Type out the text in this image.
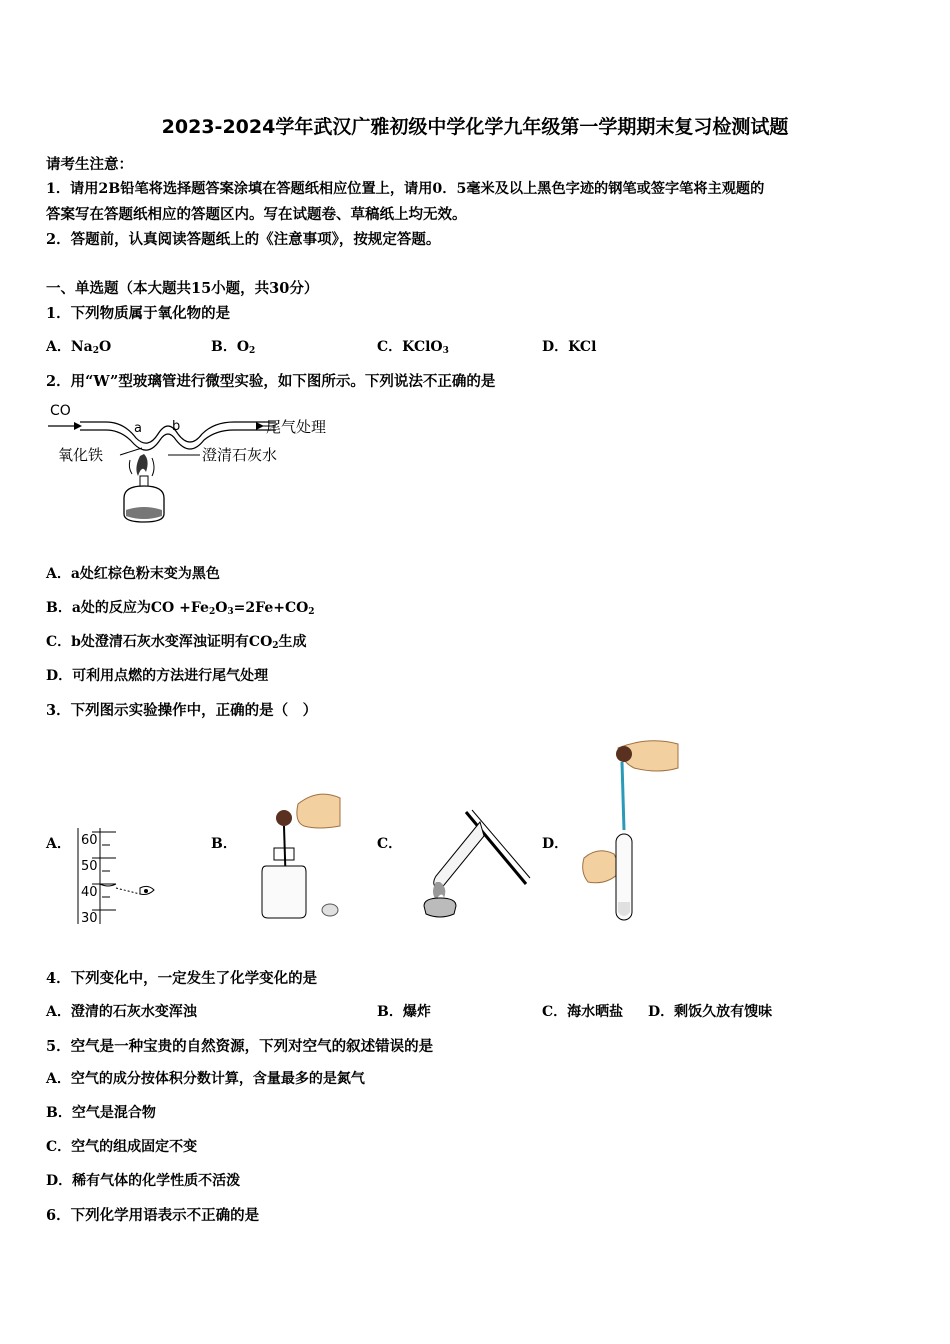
2023-2024学年武汉广雅初级中学化学九年级第一学期期末复习检测试题
请考生注意：
1．请用2B铅笔将选择题答案涂填在答题纸相应位置上，请用0．5毫米及以上黑色字迹的钢笔或签字笔将主观题的
答案写在答题纸相应的答题区内。写在试题卷、草稿纸上均无效。
2．答题前，认真阅读答题纸上的《注意事项》，按规定答题。
一、单选题（本大题共15小题，共30分）
1．下列物质属于氧化物的是
A．$Na_2O$	B．$O_2$	C．KClO$_3$	D．KCl
2．用“W”型玻璃管进行微型实验，如下图所示。下列说法不正确的是
CO
a b	尾气处理
氧化铁	澄清石灰水
A．a处红棕色粉末变为黑色
B．a处的反应为CO $+Fe_2O_3=2Fe+CO_2$
C．b处澄清石灰水变浑浊证明有$CO_2$生成
D．可利用点燃的方法进行尾气处理
3．下列图示实验操作中，正确的是（　）
A． 60
50
40
30
B．	C．	D．
4．下列变化中，一定发生了化学变化的是
A．澄清的石灰水变浑浊	B．爆炸	C．海水晒盐 D．剩饭久放有馊味
5．空气是一种宝贵的自然资源，下列对空气的叙述错误的是
A．空气的成分按体积分数计算，含量最多的是氮气
B．空气是混合物
C．空气的组成固定不变
D．稀有气体的化学性质不活泼
6．下列化学用语表示不正确的是
